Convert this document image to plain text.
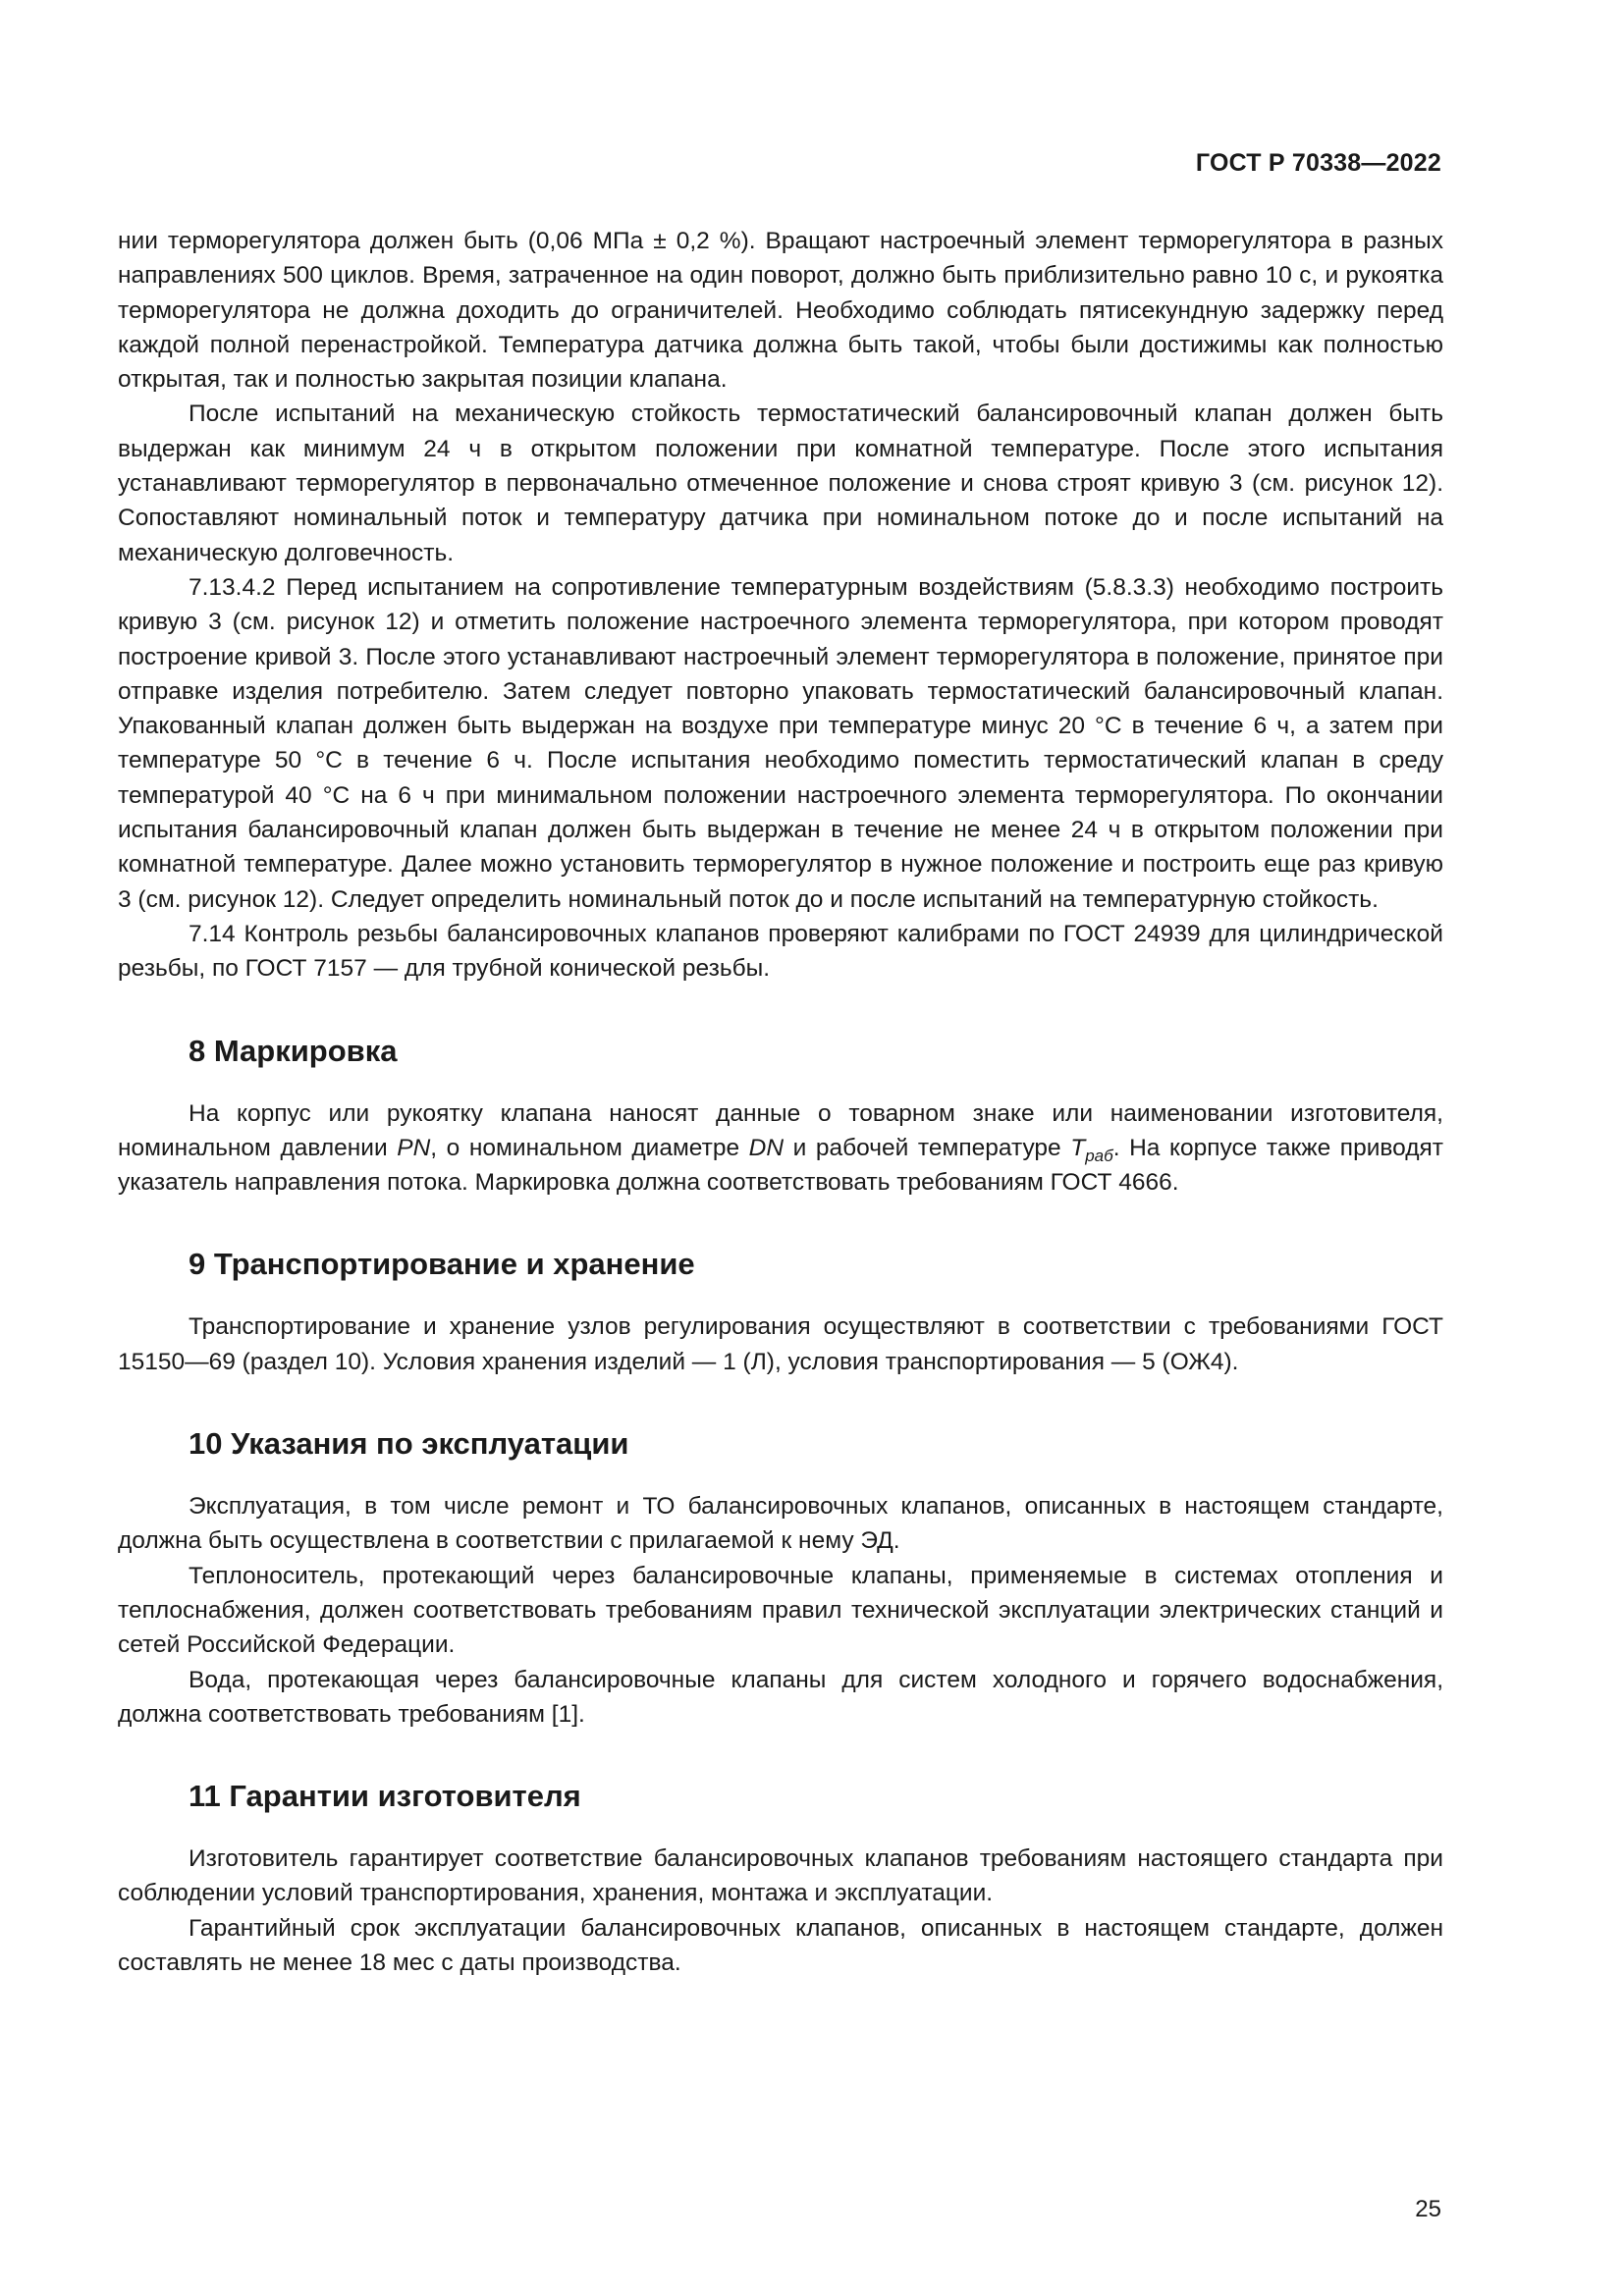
ГОСТ Р 70338—2022

нии терморегулятора должен быть (0,06 МПа ± 0,2 %). Вращают настроечный элемент терморегулятора в разных направлениях 500 циклов. Время, затраченное на один поворот, должно быть приблизительно равно 10 с, и рукоятка терморегулятора не должна доходить до ограничителей. Необходимо соблюдать пятисекундную задержку перед каждой полной перенастройкой. Температура датчика должна быть такой, чтобы были достижимы как полностью открытая, так и полностью закрытая позиции клапана.

После испытаний на механическую стойкость термостатический балансировочный клапан должен быть выдержан как минимум 24 ч в открытом положении при комнатной температуре. После этого испытания устанавливают терморегулятор в первоначально отмеченное положение и снова строят кривую 3 (см. рисунок 12). Сопоставляют номинальный поток и температуру датчика при номинальном потоке до и после испытаний на механическую долговечность.

7.13.4.2 Перед испытанием на сопротивление температурным воздействиям (5.8.3.3) необходимо построить кривую 3 (см. рисунок 12) и отметить положение настроечного элемента терморегулятора, при котором проводят построение кривой 3. После этого устанавливают настроечный элемент терморегулятора в положение, принятое при отправке изделия потребителю. Затем следует повторно упаковать термостатический балансировочный клапан. Упакованный клапан должен быть выдержан на воздухе при температуре минус 20 °С в течение 6 ч, а затем при температуре 50 °С в течение 6 ч. После испытания необходимо поместить термостатический клапан в среду температурой 40 °С на 6 ч при минимальном положении настроечного элемента терморегулятора. По окончании испытания балансировочный клапан должен быть выдержан в течение не менее 24 ч в открытом положении при комнатной температуре. Далее можно установить терморегулятор в нужное положение и построить еще раз кривую 3 (см. рисунок 12). Следует определить номинальный поток до и после испытаний на температурную стойкость.

7.14 Контроль резьбы балансировочных клапанов проверяют калибрами по ГОСТ 24939 для цилиндрической резьбы, по ГОСТ 7157 — для трубной конической резьбы.

8 Маркировка

На корпус или рукоятку клапана наносят данные о товарном знаке или наименовании изготовителя, номинальном давлении PN, о номинальном диаметре DN и рабочей температуре $T_{раб}$. На корпусе также приводят указатель направления потока. Маркировка должна соответствовать требованиям ГОСТ 4666.

9 Транспортирование и хранение

Транспортирование и хранение узлов регулирования осуществляют в соответствии с требованиями ГОСТ 15150—69 (раздел 10). Условия хранения изделий — 1 (Л), условия транспортирования — 5 (ОЖ4).

10 Указания по эксплуатации

Эксплуатация, в том числе ремонт и ТО балансировочных клапанов, описанных в настоящем стандарте, должна быть осуществлена в соответствии с прилагаемой к нему ЭД.

Теплоноситель, протекающий через балансировочные клапаны, применяемые в системах отопления и теплоснабжения, должен соответствовать требованиям правил технической эксплуатации электрических станций и сетей Российской Федерации.

Вода, протекающая через балансировочные клапаны для систем холодного и горячего водоснабжения, должна соответствовать требованиям [1].

11 Гарантии изготовителя

Изготовитель гарантирует соответствие балансировочных клапанов требованиям настоящего стандарта при соблюдении условий транспортирования, хранения, монтажа и эксплуатации.

Гарантийный срок эксплуатации балансировочных клапанов, описанных в настоящем стандарте, должен составлять не менее 18 мес с даты производства.

25
